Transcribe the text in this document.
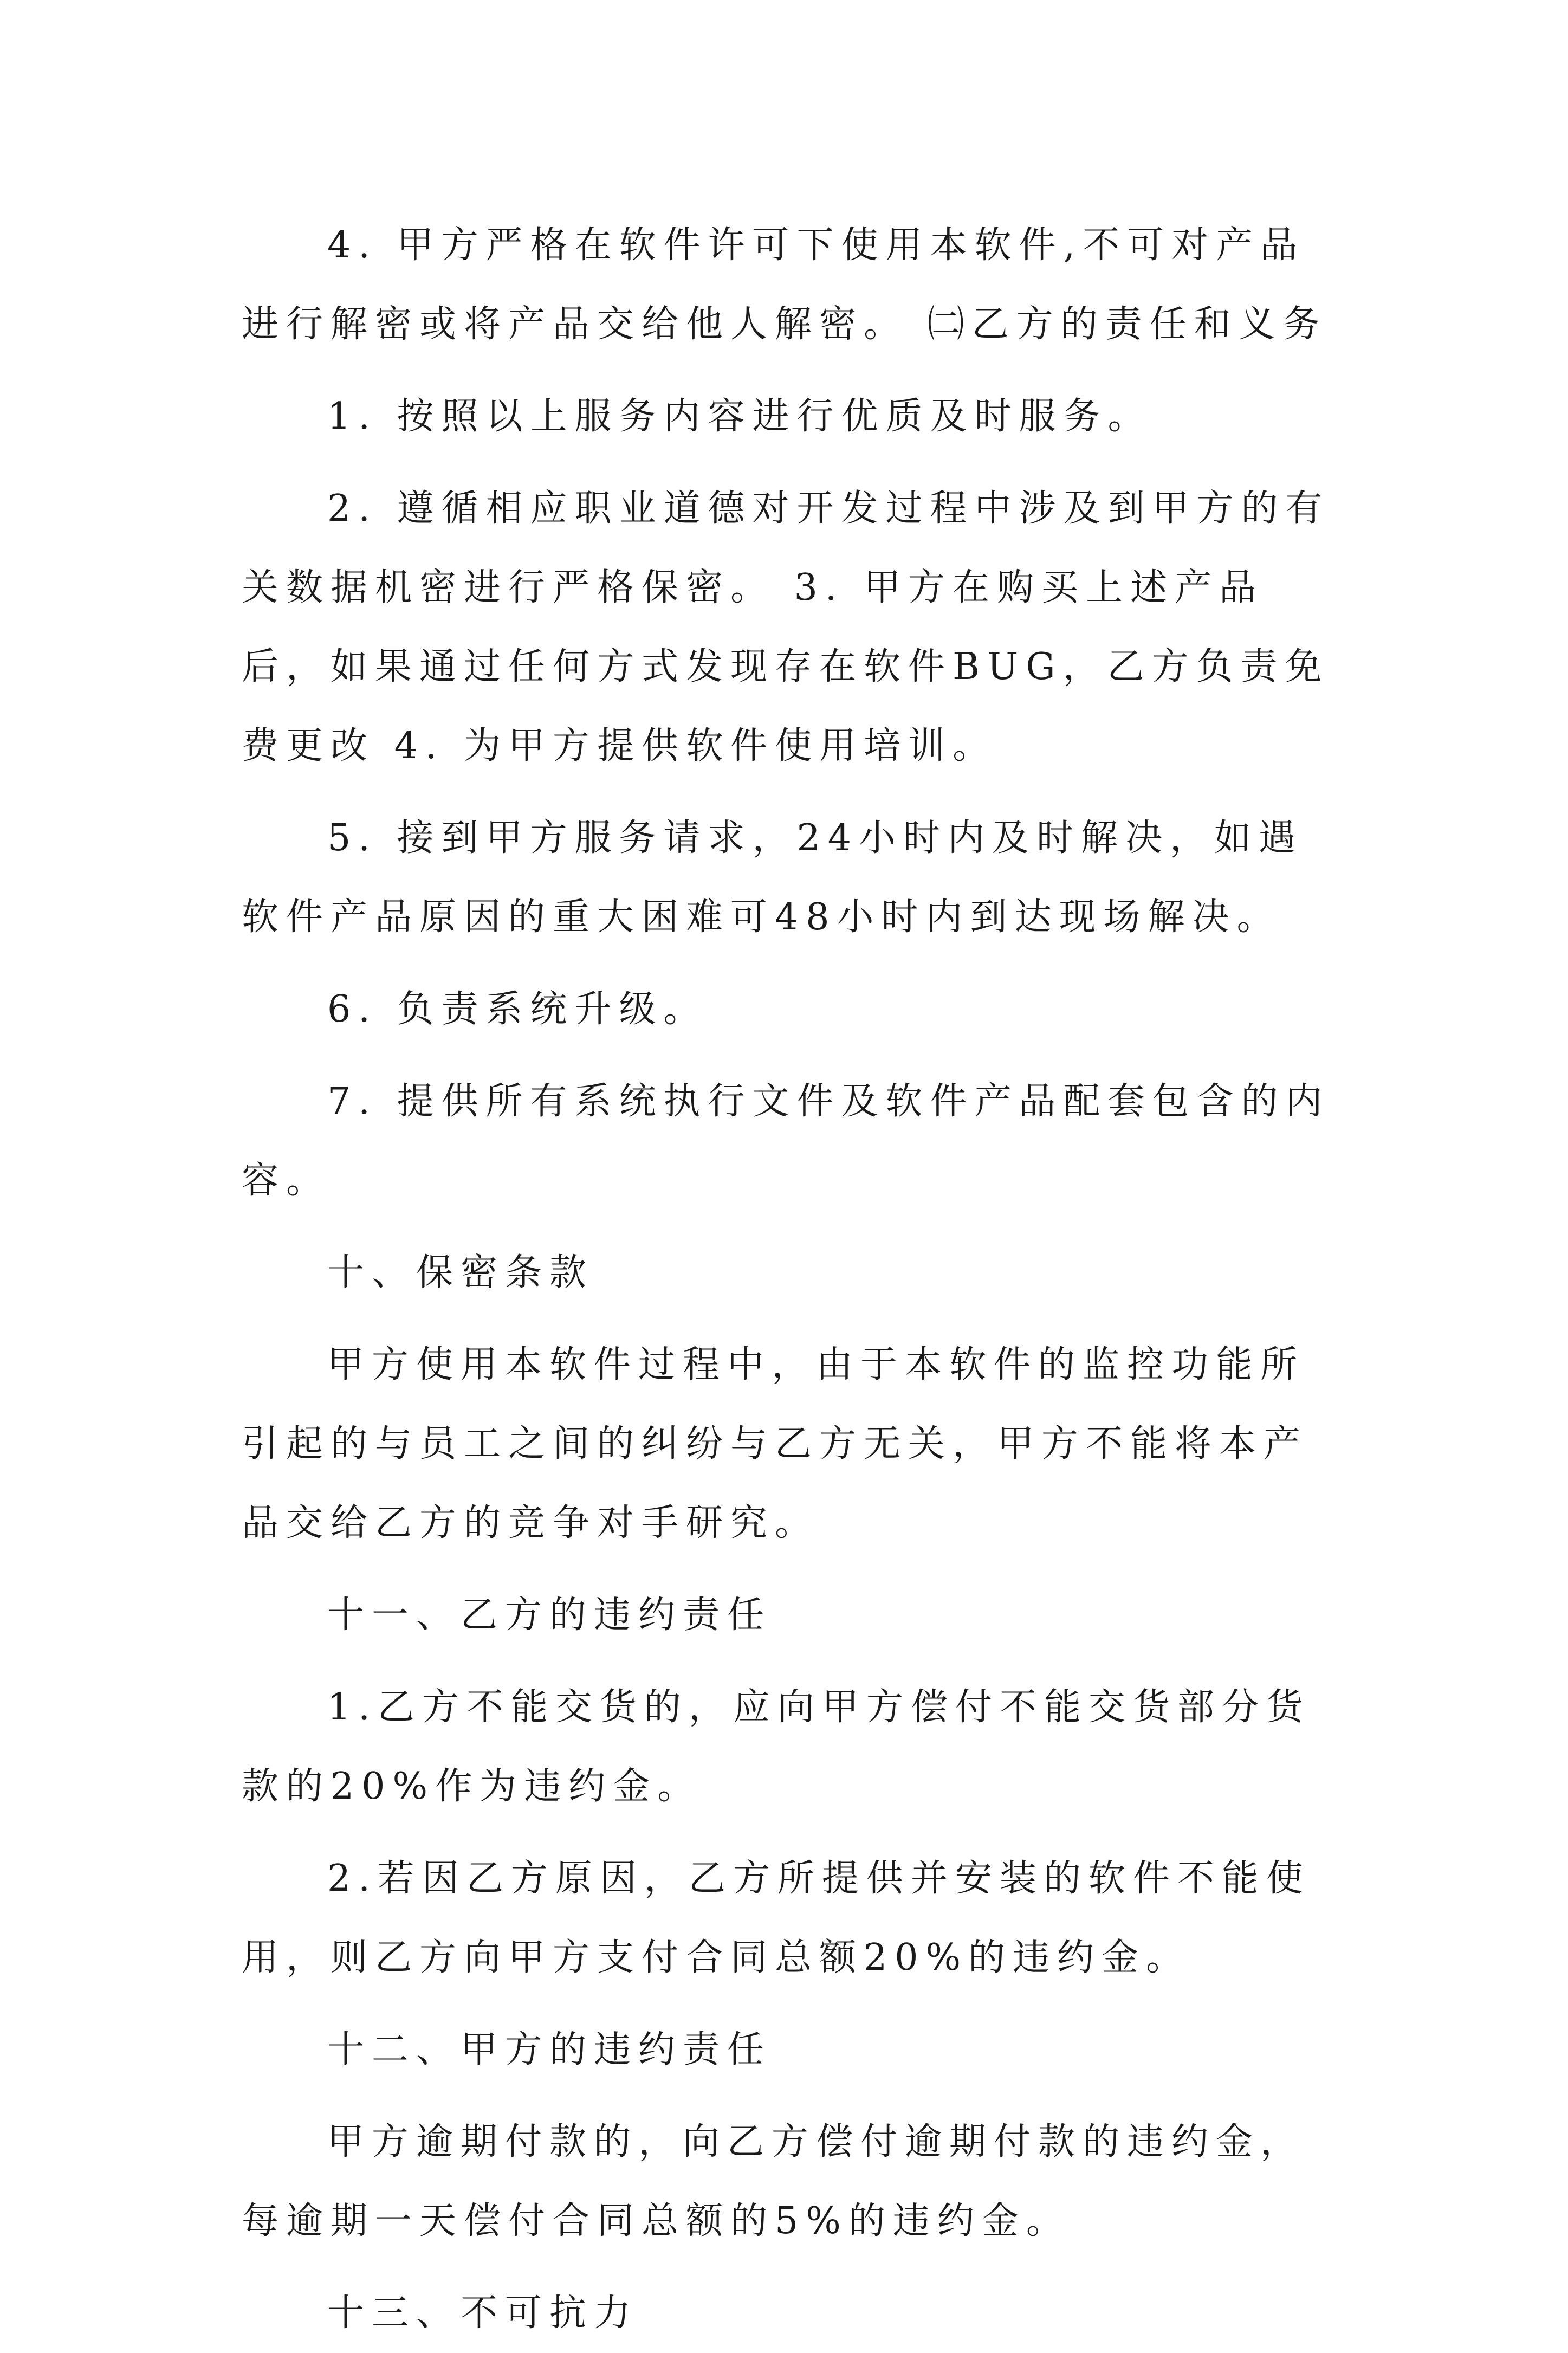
4. 甲方严格在软件许可下使用本软件,不可对产品进行解密或将产品交给他人解密。 ㈡乙方的责任和义务

1. 按照以上服务内容进行优质及时服务。

2. 遵循相应职业道德对开发过程中涉及到甲方的有关数据机密进行严格保密。 3. 甲方在购买上述产品后，如果通过任何方式发现存在软件BUG，乙方负责免费更改 4. 为甲方提供软件使用培训。

5. 接到甲方服务请求，24小时内及时解决，如遇软件产品原因的重大困难可48小时内到达现场解决。

6. 负责系统升级。

7. 提供所有系统执行文件及软件产品配套包含的内容。

十、保密条款

甲方使用本软件过程中，由于本软件的监控功能所引起的与员工之间的纠纷与乙方无关，甲方不能将本产品交给乙方的竞争对手研究。

十一、乙方的违约责任

1.乙方不能交货的，应向甲方偿付不能交货部分货款的20%作为违约金。

2.若因乙方原因，乙方所提供并安装的软件不能使用，则乙方向甲方支付合同总额20%的违约金。

十二、甲方的违约责任

甲方逾期付款的，向乙方偿付逾期付款的违约金，每逾期一天偿付合同总额的5%的违约金。

十三、不可抗力
